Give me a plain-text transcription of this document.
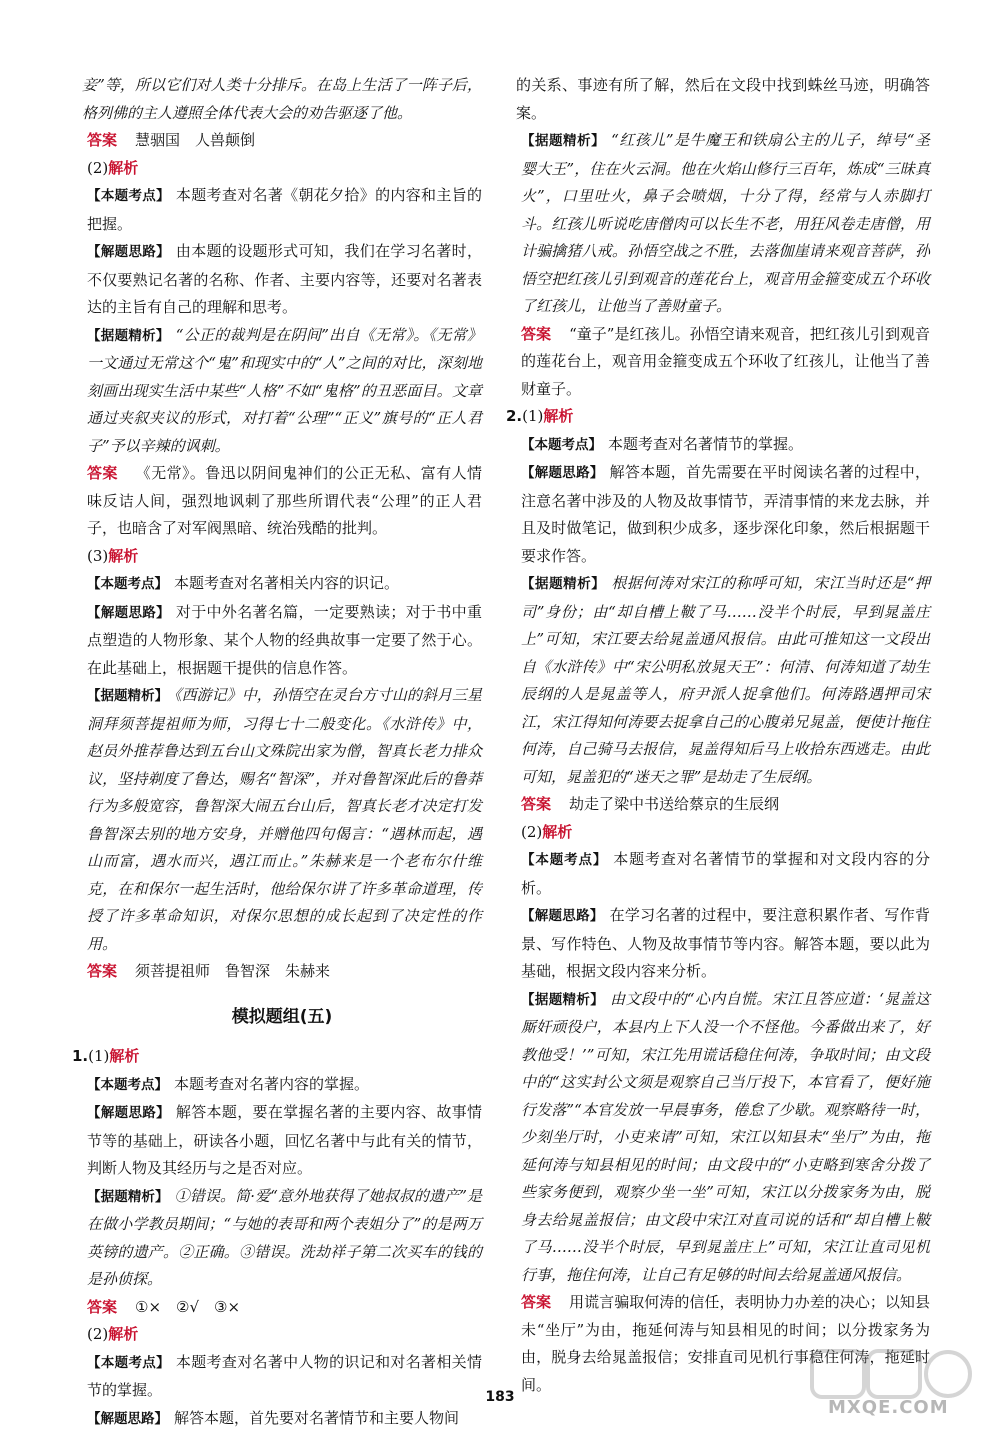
妾”等，所以它们对人类十分排斥。在岛上生活了一阵子后，格列佛的主人遵照全体代表大会的劝告驱逐了他。

答案 慧骃国　人兽颠倒

(2)解析

【本题考点】 本题考查对名著《朝花夕拾》的内容和主旨的把握。

【解题思路】 由本题的设题形式可知，我们在学习名著时，不仅要熟记名著的名称、作者、主要内容等，还要对名著表达的主旨有自己的理解和思考。

【据题精析】 “公正的裁判是在阴间”出自《无常》。《无常》一文通过无常这个“鬼”和现实中的“人”之间的对比，深刻地刻画出现实生活中某些“人格”不如“鬼格”的丑恶面目。文章通过夹叙夹议的形式，对打着“公理”“正义”旗号的“正人君子”予以辛辣的讽刺。

答案 《无常》。鲁迅以阴间鬼神们的公正无私、富有人情味反诘人间，强烈地讽刺了那些所谓代表“公理”的正人君子，也暗含了对军阀黑暗、统治残酷的批判。

(3)解析

【本题考点】 本题考查对名著相关内容的识记。

【解题思路】 对于中外名著名篇，一定要熟读；对于书中重点塑造的人物形象、某个人物的经典故事一定要了然于心。在此基础上，根据题干提供的信息作答。

【据题精析】 《西游记》中，孙悟空在灵台方寸山的斜月三星洞拜须菩提祖师为师，习得七十二般变化。《水浒传》中，赵员外推荐鲁达到五台山文殊院出家为僧，智真长老力排众议，坚持剃度了鲁达，赐名“智深”，并对鲁智深此后的鲁莽行为多般宽容，鲁智深大闹五台山后，智真长老才决定打发鲁智深去别的地方安身，并赠他四句偈言：“遇林而起，遇山而富，遇水而兴，遇江而止。”朱赫来是一个老布尔什维克，在和保尔一起生活时，他给保尔讲了许多革命道理，传授了许多革命知识，对保尔思想的成长起到了决定性的作用。

答案 须菩提祖师　鲁智深　朱赫来

模拟题组(五)

1.(1)解析

【本题考点】 本题考查对名著内容的掌握。

【解题思路】 解答本题，要在掌握名著的主要内容、故事情节等的基础上，研读各小题，回忆名著中与此有关的情节，判断人物及其经历与之是否对应。

【据题精析】 ①错误。简·爱“意外地获得了她叔叔的遗产”是在做小学教员期间；“与她的表哥和两个表姐分了”的是两万英镑的遗产。②正确。③错误。洗劫祥子第二次买车的钱的是孙侦探。

答案 ①×　②√　③×

(2)解析

【本题考点】 本题考查对名著中人物的识记和对名著相关情节的掌握。

【解题思路】 解答本题，首先要对名著情节和主要人物间

的关系、事迹有所了解，然后在文段中找到蛛丝马迹，明确答案。

【据题精析】 “红孩儿”是牛魔王和铁扇公主的儿子，绰号“圣婴大王”，住在火云洞。他在火焰山修行三百年，炼成“三昧真火”，口里吐火，鼻子会喷烟，十分了得，经常与人赤脚打斗。红孩儿听说吃唐僧肉可以长生不老，用狂风卷走唐僧，用计骗擒猪八戒。孙悟空战之不胜，去落伽崖请来观音菩萨，孙悟空把红孩儿引到观音的莲花台上，观音用金箍变成五个环收了红孩儿，让他当了善财童子。

答案 “童子”是红孩儿。孙悟空请来观音，把红孩儿引到观音的莲花台上，观音用金箍变成五个环收了红孩儿，让他当了善财童子。

2.(1)解析

【本题考点】 本题考查对名著情节的掌握。

【解题思路】 解答本题，首先需要在平时阅读名著的过程中，注意名著中涉及的人物及故事情节，弄清事情的来龙去脉，并且及时做笔记，做到积少成多，逐步深化印象，然后根据题干要求作答。

【据题精析】 根据何涛对宋江的称呼可知，宋江当时还是“押司”身份；由“却自槽上鞁了马……没半个时辰，早到晁盖庄上”可知，宋江要去给晁盖通风报信。由此可推知这一文段出自《水浒传》中“宋公明私放晁天王”：何清、何涛知道了劫生辰纲的人是晁盖等人，府尹派人捉拿他们。何涛路遇押司宋江，宋江得知何涛要去捉拿自己的心腹弟兄晁盖，便使计拖住何涛，自己骑马去报信，晁盖得知后马上收拾东西逃走。由此可知，晁盖犯的“迷天之罪”是劫走了生辰纲。

答案 劫走了梁中书送给蔡京的生辰纲

(2)解析

【本题考点】 本题考查对名著情节的掌握和对文段内容的分析。

【解题思路】 在学习名著的过程中，要注意积累作者、写作背景、写作特色、人物及故事情节等内容。解答本题，要以此为基础，根据文段内容来分析。

【据题精析】 由文段中的“心内自慌。宋江且答应道：‘晁盖这厮奸顽役户，本县内上下人没一个不怪他。今番做出来了，好教他受！’”可知，宋江先用谎话稳住何涛，争取时间；由文段中的“这实封公文须是观察自己当厅投下，本官看了，便好施行发落”“本官发放一早晨事务，倦怠了少歇。观察略待一时，少刻坐厅时，小吏来请”可知，宋江以知县未“坐厅”为由，拖延何涛与知县相见的时间；由文段中的“小吏略到寒舍分拨了些家务便到，观察少坐一坐”可知，宋江以分拨家务为由，脱身去给晁盖报信；由文段中宋江对直司说的话和“却自槽上鞁了马……没半个时辰，早到晁盖庄上”可知，宋江让直司见机行事，拖住何涛，让自己有足够的时间去给晁盖通风报信。

答案 用谎言骗取何涛的信任，表明协力办差的决心；以知县未“坐厅”为由，拖延何涛与知县相见的时间；以分拨家务为由，脱身去给晁盖报信；安排直司见机行事稳住何涛，拖延时间。

183	MXQE.COM
